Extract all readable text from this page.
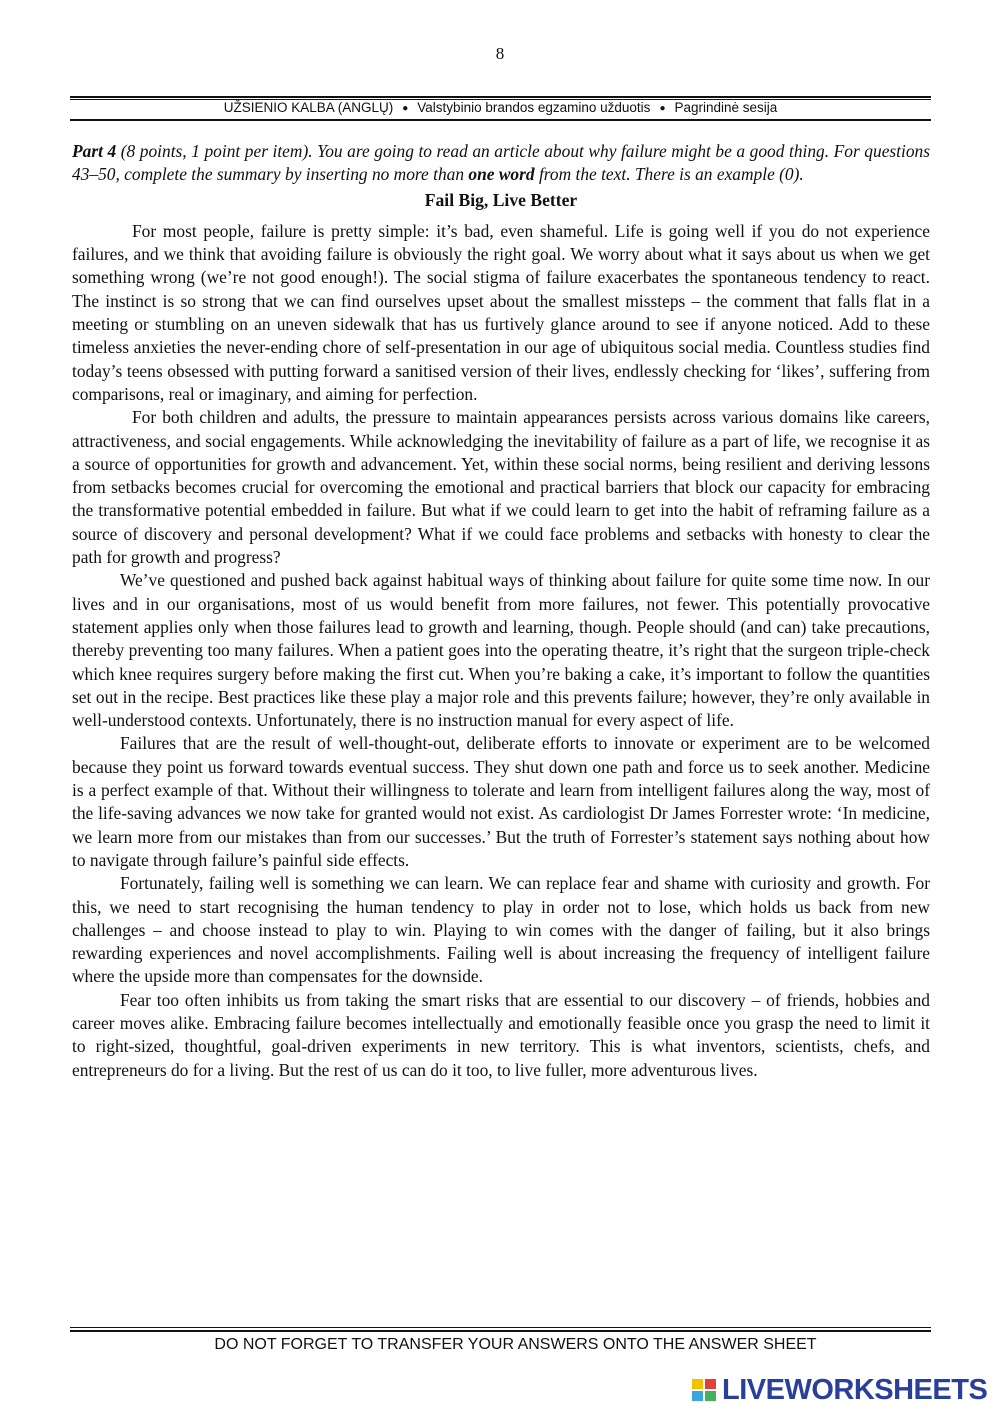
8
UŽSIENIO KALBA (ANGLŲ) ● Valstybinio brandos egzamino užduotis ● Pagrindinė sesija

Part 4 (8 points, 1 point per item). You are going to read an article about why failure might be a good thing. For questions 43–50, complete the summary by inserting no more than one word from the text. There is an example (0).

Fail Big, Live Better

For most people, failure is pretty simple: it’s bad, even shameful. Life is going well if you do not experience failures, and we think that avoiding failure is obviously the right goal. We worry about what it says about us when we get something wrong (we’re not good enough!). The social stigma of failure exacerbates the spontaneous tendency to react. The instinct is so strong that we can find ourselves upset about the smallest missteps – the comment that falls flat in a meeting or stumbling on an uneven sidewalk that has us furtively glance around to see if anyone noticed. Add to these timeless anxieties the never-ending chore of self-presentation in our age of ubiquitous social media. Countless studies find today’s teens obsessed with putting forward a sanitised version of their lives, endlessly checking for ‘likes’, suffering from comparisons, real or imaginary, and aiming for perfection.

For both children and adults, the pressure to maintain appearances persists across various domains like careers, attractiveness, and social engagements. While acknowledging the inevitability of failure as a part of life, we recognise it as a source of opportunities for growth and advancement. Yet, within these social norms, being resilient and deriving lessons from setbacks becomes crucial for overcoming the emotional and practical barriers that block our capacity for embracing the transformative potential embedded in failure. But what if we could learn to get into the habit of reframing failure as a source of discovery and personal development? What if we could face problems and setbacks with honesty to clear the path for growth and progress?

We’ve questioned and pushed back against habitual ways of thinking about failure for quite some time now. In our lives and in our organisations, most of us would benefit from more failures, not fewer. This potentially provocative statement applies only when those failures lead to growth and learning, though. People should (and can) take precautions, thereby preventing too many failures. When a patient goes into the operating theatre, it’s right that the surgeon triple-check which knee requires surgery before making the first cut. When you’re baking a cake, it’s important to follow the quantities set out in the recipe. Best practices like these play a major role and this prevents failure; however, they’re only available in well-understood contexts. Unfortunately, there is no instruction manual for every aspect of life.

Failures that are the result of well-thought-out, deliberate efforts to innovate or experiment are to be welcomed because they point us forward towards eventual success. They shut down one path and force us to seek another. Medicine is a perfect example of that. Without their willingness to tolerate and learn from intelligent failures along the way, most of the life-saving advances we now take for granted would not exist. As cardiologist Dr James Forrester wrote: ‘In medicine, we learn more from our mistakes than from our successes.’ But the truth of Forrester’s statement says nothing about how to navigate through failure’s painful side effects.

Fortunately, failing well is something we can learn. We can replace fear and shame with curiosity and growth. For this, we need to start recognising the human tendency to play in order not to lose, which holds us back from new challenges – and choose instead to play to win. Playing to win comes with the danger of failing, but it also brings rewarding experiences and novel accomplishments. Failing well is about increasing the frequency of intelligent failure where the upside more than compensates for the downside.

Fear too often inhibits us from taking the smart risks that are essential to our discovery – of friends, hobbies and career moves alike. Embracing failure becomes intellectually and emotionally feasible once you grasp the need to limit it to right-sized, thoughtful, goal-driven experiments in new territory. This is what inventors, scientists, chefs, and entrepreneurs do for a living. But the rest of us can do it too, to live fuller, more adventurous lives.

DO NOT FORGET TO TRANSFER YOUR ANSWERS ONTO THE ANSWER SHEET
LIVEWORKSHEETS
